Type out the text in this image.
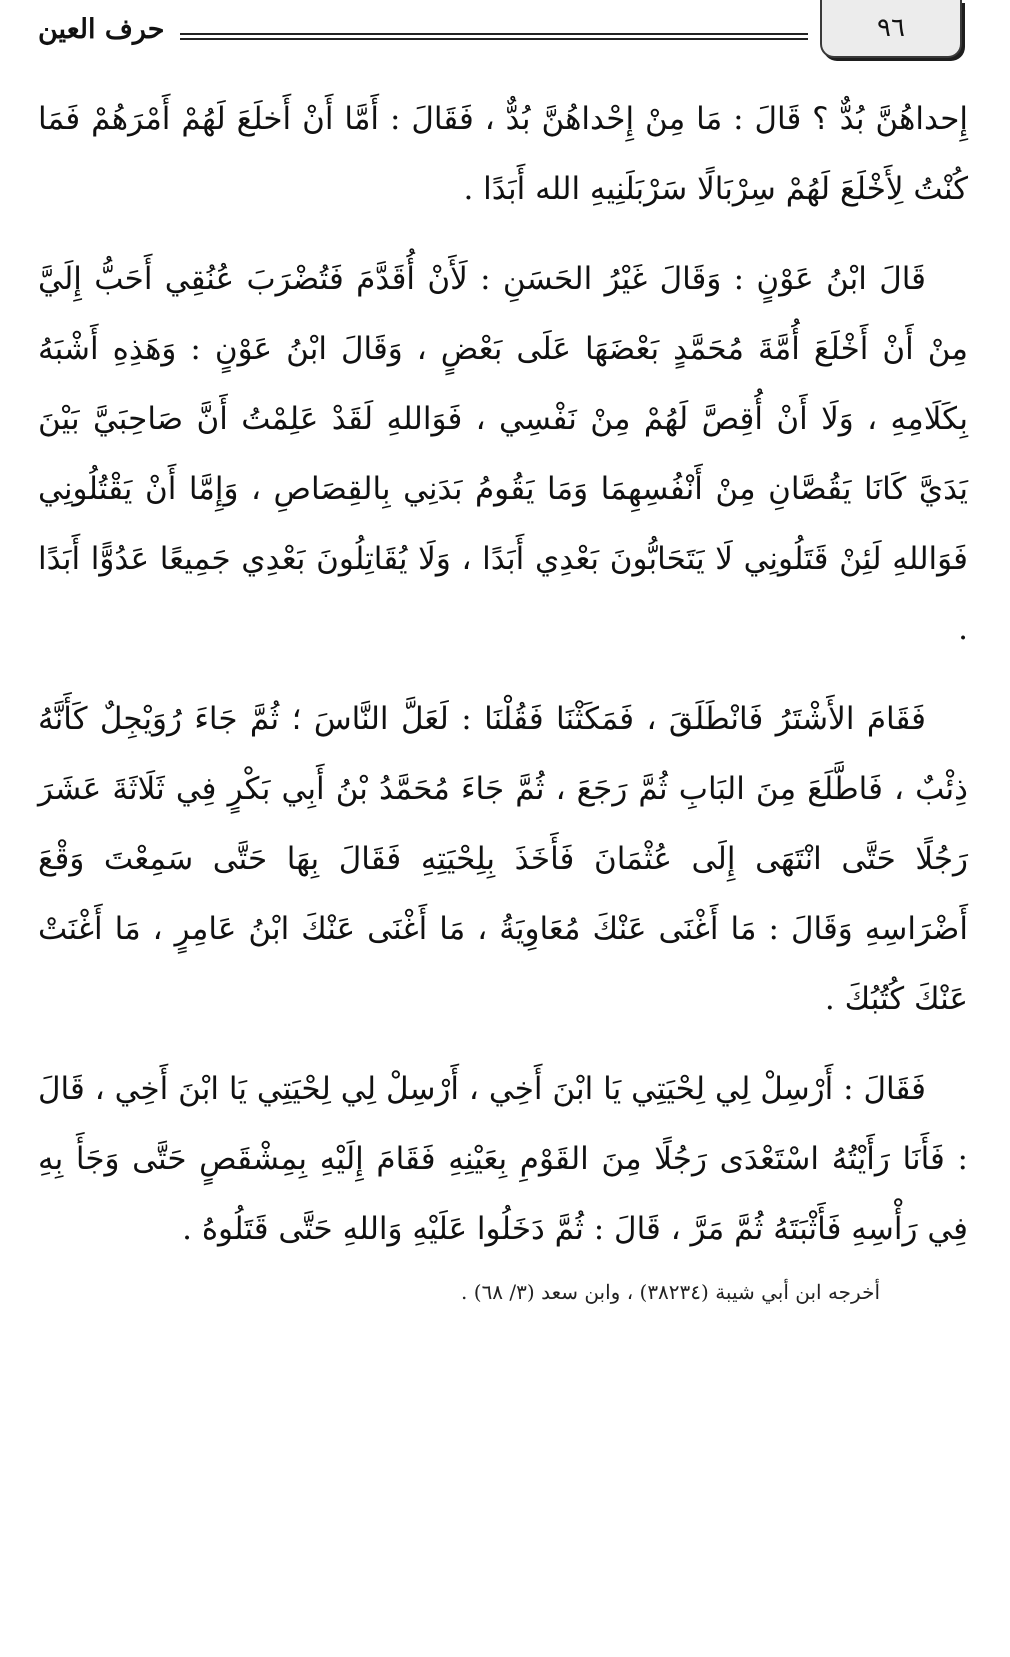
٩٦
حرف العين

إِحداهُنَّ بُدٌّ ؟ قَالَ : مَا مِنْ إِحْداهُنَّ بُدٌّ ، فَقَالَ : أَمَّا أَنْ أَخلَعَ لَهُمْ أَمْرَهُمْ فَمَا كُنْتُ لِأَخْلَعَ لَهُمْ سِرْبَالًا سَرْبَلَنِيهِ الله أَبَدًا .

قَالَ ابْنُ عَوْنٍ : وَقَالَ غَيْرُ الحَسَنِ : لَأَنْ أُقَدَّمَ فَتُضْرَبَ عُنُقِي أَحَبُّ إِلَيَّ مِنْ أَنْ أَخْلَعَ أُمَّةَ مُحَمَّدٍ بَعْضَهَا عَلَى بَعْضٍ ، وَقَالَ ابْنُ عَوْنٍ : وَهَذِهِ أَشْبَهُ بِكَلَامِهِ ، وَلَا أَنْ أُقِصَّ لَهُمْ مِنْ نَفْسِي ، فَوَاللهِ لَقَدْ عَلِمْتُ أَنَّ صَاحِبَيَّ بَيْنَ يَدَيَّ كَانَا يَقُصَّانِ مِنْ أَنْفُسِهِمَا وَمَا يَقُومُ بَدَنِي بِالقِصَاصِ ، وَإِمَّا أَنْ يَقْتُلُونِي فَوَاللهِ لَئِنْ قَتَلُونِي لَا يَتَحَابُّونَ بَعْدِي أَبَدًا ، وَلَا يُقَاتِلُونَ بَعْدِي جَمِيعًا عَدُوًّا أَبَدًا .

فَقَامَ الأَشْتَرُ فَانْطَلَقَ ، فَمَكَثْنَا فَقُلْنَا : لَعَلَّ النَّاسَ ؛ ثُمَّ جَاءَ رُوَيْجِلٌ كَأَنَّهُ ذِئْبٌ ، فَاطَّلَعَ مِنَ البَابِ ثُمَّ رَجَعَ ، ثُمَّ جَاءَ مُحَمَّدُ بْنُ أَبِي بَكْرٍ فِي ثَلَاثَةَ عَشَرَ رَجُلًا حَتَّى انْتَهَى إِلَى عُثْمَانَ فَأَخَذَ بِلِحْيَتِهِ فَقَالَ بِهَا حَتَّى سَمِعْتَ وَقْعَ أَضْرَاسِهِ وَقَالَ : مَا أَغْنَى عَنْكَ مُعَاوِيَةُ ، مَا أَغْنَى عَنْكَ ابْنُ عَامِرٍ ، مَا أَغْنَتْ عَنْكَ كُتُبُكَ .

فَقَالَ : أَرْسِلْ لِي لِحْيَتِي يَا ابْنَ أَخِي ، أَرْسِلْ لِي لِحْيَتِي يَا ابْنَ أَخِي ، قَالَ : فَأَنَا رَأَيْتُهُ اسْتَعْدَى رَجُلًا مِنَ القَوْمِ بِعَيْنِهِ فَقَامَ إِلَيْهِ بِمِشْقَصٍ حَتَّى وَجَأَ بِهِ فِي رَأْسِهِ فَأَثْبَتَهُ ثُمَّ مَرَّ ، قَالَ : ثُمَّ دَخَلُوا عَلَيْهِ وَاللهِ حَتَّى قَتَلُوهُ .

أخرجه ابن أبي شيبة (٣٨٢٣٤) ، وابن سعد (٣/ ٦٨) .
